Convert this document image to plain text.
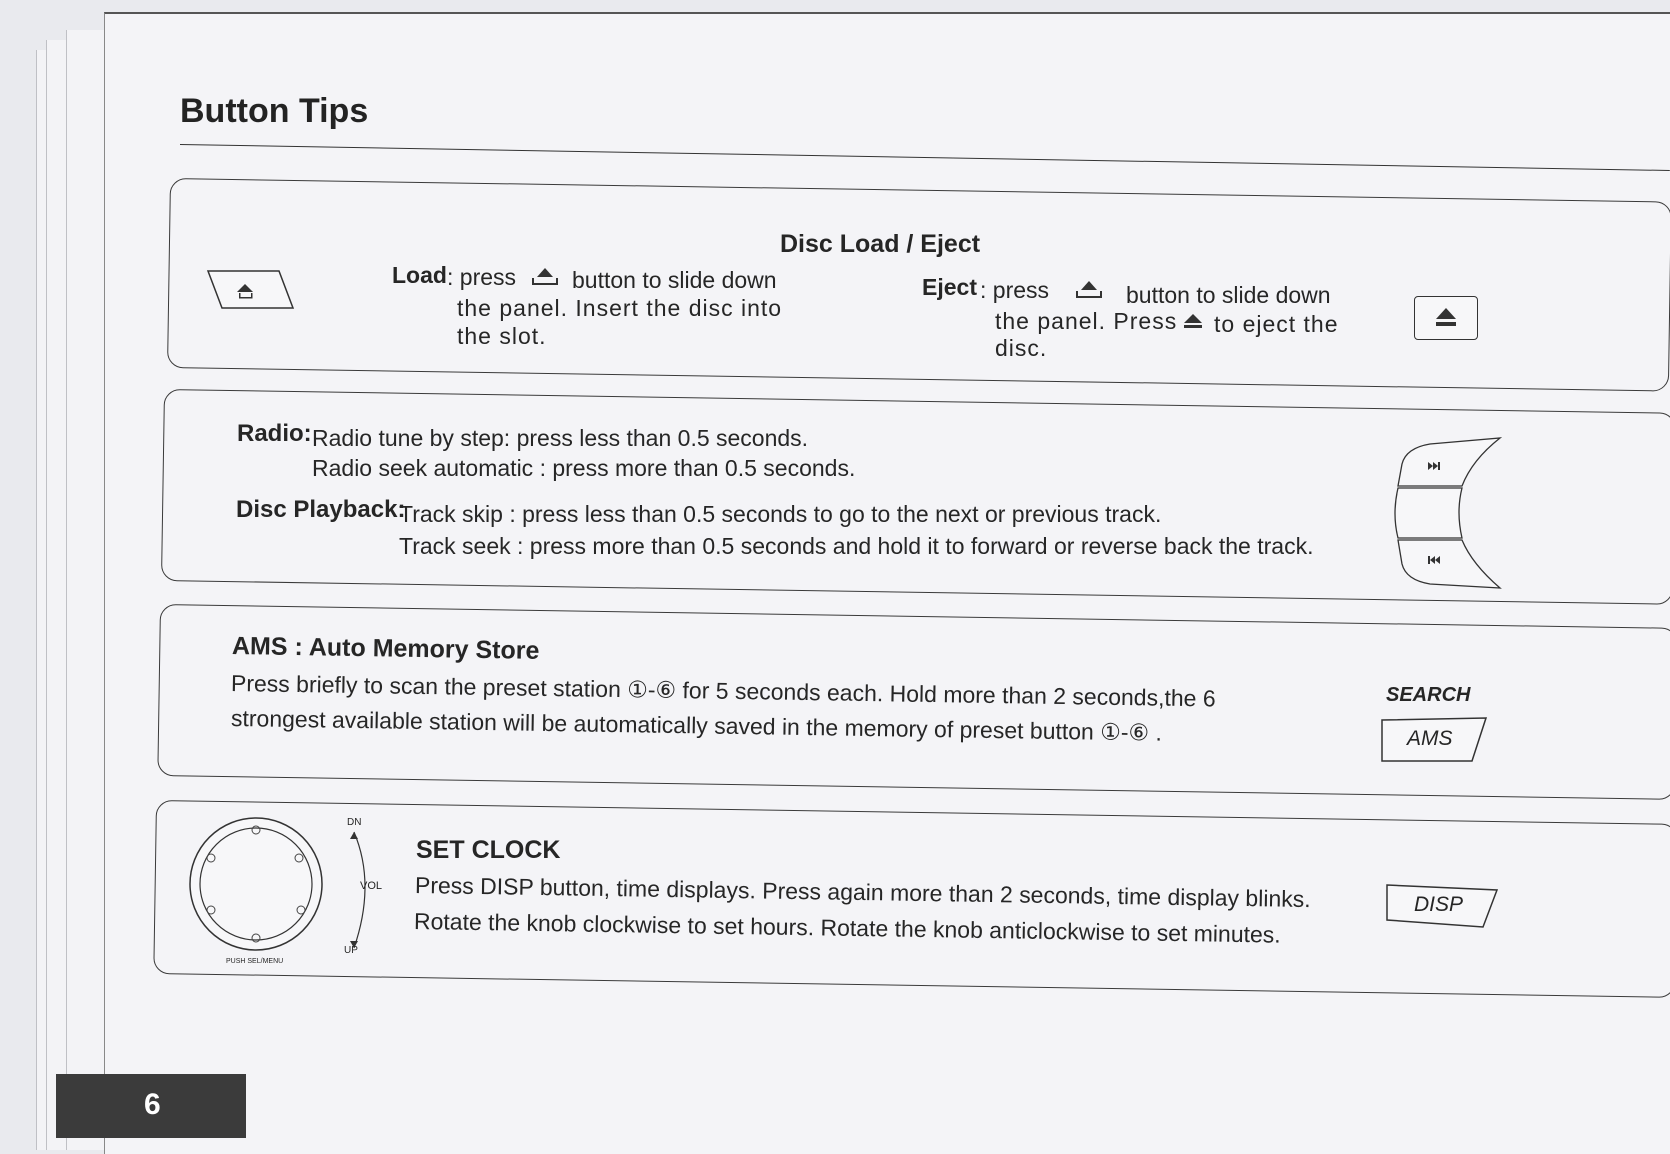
Button Tips
Disc Load / Eject
Load : press button to slide down
the panel. Insert the disc into
the slot.
Eject : press	button to slide down
the panel. Press to eject the
disc.
Radio: Radio tune by step: press less than 0.5 seconds.
Radio seek automatic : press more than 0.5 seconds.
Disc Playback:
Track skip : press less than 0.5 seconds to go to the next or previous track.
Track seek : press more than 0.5 seconds and hold it to forward or reverse back the track.
AMS : Auto Memory Store
Press briefly to scan the preset station ①-⑥ for 5 seconds each. Hold more than 2 seconds,the 6
strongest available station will be automatically saved in the memory of preset button ①-⑥ .
SEARCH
AMS
DN
VOL
UP
PUSH SEL/MENU
SET CLOCK
Press DISP button, time displays. Press again more than 2 seconds, time display blinks.
Rotate the knob clockwise to set hours. Rotate the knob anticlockwise to set minutes.
DISP
6
